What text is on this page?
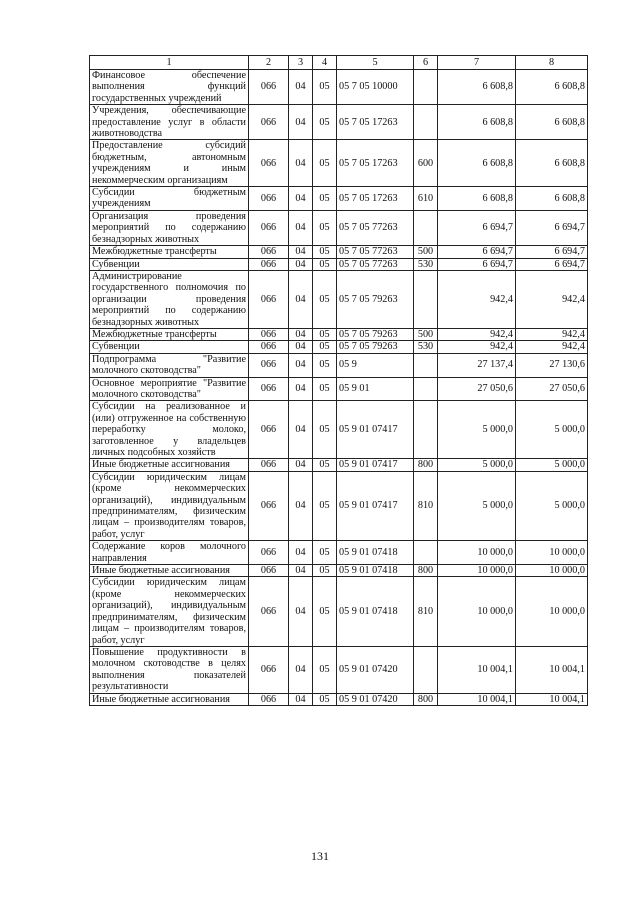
1	2	3	4	5	6	7	8
Финансовое обеспечение выполнения функций государственных учреждений	066	04	05	05 7 05 10000		6 608,8	6 608,8
Учреждения, обеспечивающие предоставление услуг в области животноводства	066	04	05	05 7 05 17263		6 608,8	6 608,8
Предоставление субсидий бюджетным, автономным учреждениям и иным некоммерческим организациям	066	04	05	05 7 05 17263	600	6 608,8	6 608,8
Субсидии бюджетным учреждениям	066	04	05	05 7 05 17263	610	6 608,8	6 608,8
Организация проведения мероприятий по содержанию безнадзорных животных	066	04	05	05 7 05 77263		6 694,7	6 694,7
Межбюджетные трансферты	066	04	05	05 7 05 77263	500	6 694,7	6 694,7
Субвенции	066	04	05	05 7 05 77263	530	6 694,7	6 694,7
Администрирование государственного полномочия по организации проведения мероприятий по содержанию безнадзорных животных	066	04	05	05 7 05 79263		942,4	942,4
Межбюджетные трансферты	066	04	05	05 7 05 79263	500	942,4	942,4
Субвенции	066	04	05	05 7 05 79263	530	942,4	942,4
Подпрограмма "Развитие молочного скотоводства"	066	04	05	05 9		27 137,4	27 130,6
Основное мероприятие "Развитие молочного скотоводства"	066	04	05	05 9 01		27 050,6	27 050,6
Субсидии на реализованное и (или) отгруженное на собственную переработку молоко, заготовленное у владельцев личных подсобных хозяйств	066	04	05	05 9 01 07417		5 000,0	5 000,0
Иные бюджетные ассигнования	066	04	05	05 9 01 07417	800	5 000,0	5 000,0
Субсидии юридическим лицам (кроме некоммерческих организаций), индивидуальным предпринимателям, физическим лицам – производителям товаров, работ, услуг	066	04	05	05 9 01 07417	810	5 000,0	5 000,0
Содержание коров молочного направления	066	04	05	05 9 01 07418		10 000,0	10 000,0
Иные бюджетные ассигнования	066	04	05	05 9 01 07418	800	10 000,0	10 000,0
Субсидии юридическим лицам (кроме некоммерческих организаций), индивидуальным предпринимателям, физическим лицам – производителям товаров, работ, услуг	066	04	05	05 9 01 07418	810	10 000,0	10 000,0
Повышение продуктивности в молочном скотоводстве в целях выполнения показателей результативности	066	04	05	05 9 01 07420		10 004,1	10 004,1
Иные бюджетные ассигнования	066	04	05	05 9 01 07420	800	10 004,1	10 004,1
131
